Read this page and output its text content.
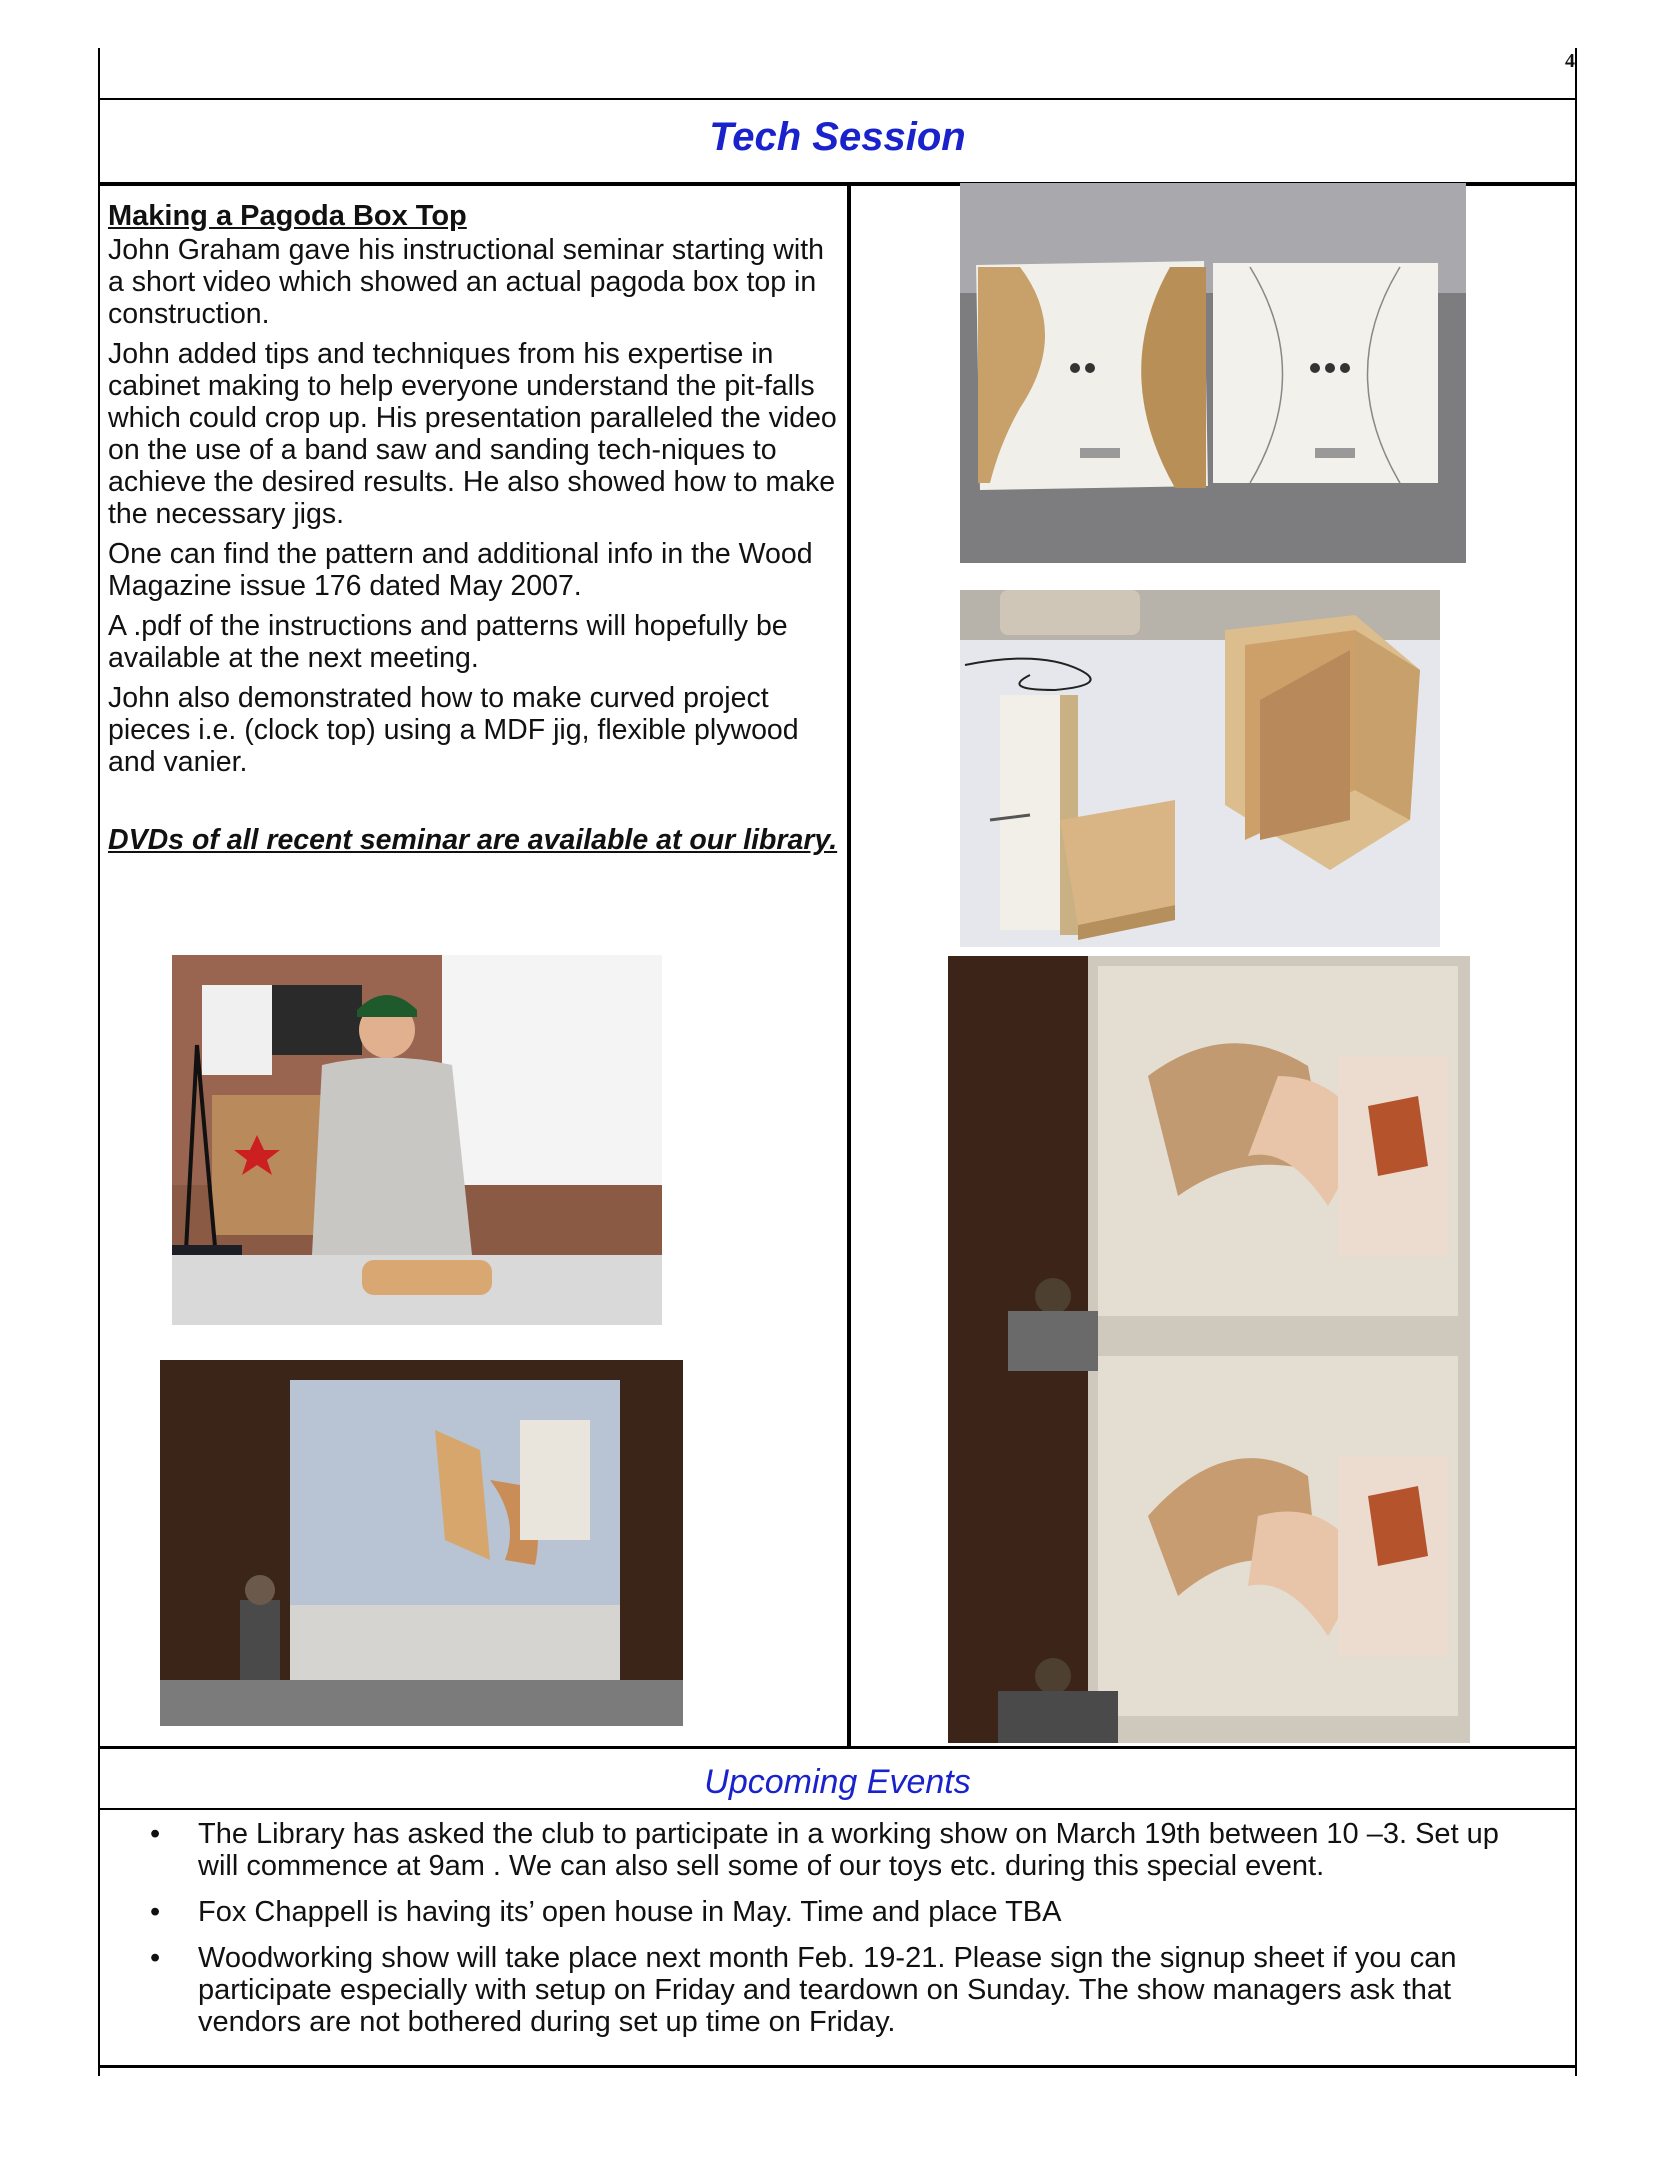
4
Tech Session
Making a Pagoda Box Top

John Graham gave his instructional seminar starting with a short video which showed an actual pagoda box top in construction.

John added tips and techniques from his expertise in cabinet making to help everyone understand the pit-falls which could crop up. His presentation paralleled the video on the use of a band saw and sanding tech-niques to achieve the desired results. He also showed how to make the necessary jigs.

One can find the pattern and additional info in the Wood Magazine issue 176 dated May 2007.

A .pdf of the instructions and patterns will hopefully be available at the next meeting.

John also demonstrated how to make curved project pieces i.e. (clock top) using a MDF jig, flexible plywood and vanier.

DVDs of all recent seminar are available at our library.

Upcoming Events
• The Library has asked the club to participate in a working show on March 19th between 10 –3. Set up will commence at 9am . We can also sell some of our toys etc. during this special event.
• Fox Chappell is having its’ open house in May. Time and place TBA
• Woodworking show will take place next month Feb. 19-21. Please sign the signup sheet if you can participate especially with setup on Friday and teardown on Sunday. The show managers ask that vendors are not bothered during set up time on Friday.
